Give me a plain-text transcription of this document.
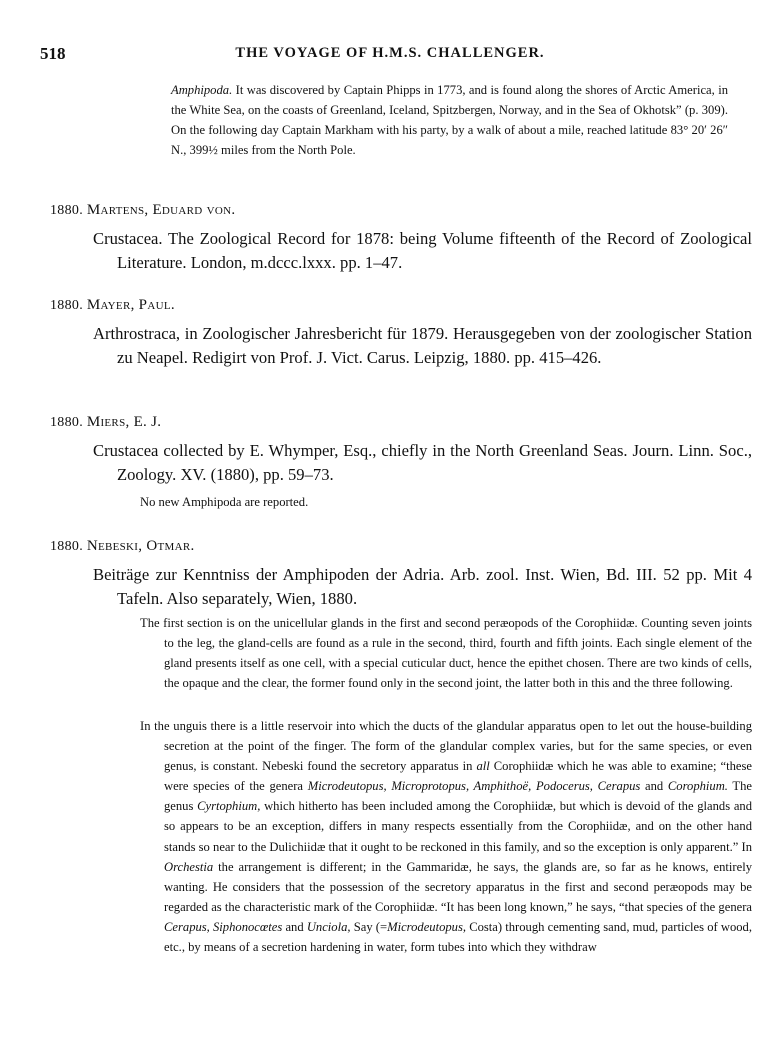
518	THE VOYAGE OF H.M.S. CHALLENGER.
Amphipoda. It was discovered by Captain Phipps in 1773, and is found along the shores of Arctic America, in the White Sea, on the coasts of Greenland, Iceland, Spitzbergen, Norway, and in the Sea of Okhotsk” (p. 309). On the following day Captain Markham with his party, by a walk of about a mile, reached latitude 83° 20′ 26″ N., 399½ miles from the North Pole.
1880. Martens, Eduard von.
Crustacea. The Zoological Record for 1878: being Volume fifteenth of the Record of Zoological Literature. London, m.dccc.lxxx. pp. 1–47.
1880. Mayer, Paul.
Arthrostraca, in Zoologischer Jahresbericht für 1879. Herausgegeben von der zoologischer Station zu Neapel. Redigirt von Prof. J. Vict. Carus. Leipzig, 1880. pp. 415–426.
1880. Miers, E. J.
Crustacea collected by E. Whymper, Esq., chiefly in the North Greenland Seas. Journ. Linn. Soc., Zoology. XV. (1880), pp. 59–73.
No new Amphipoda are reported.
1880. Nebeski, Otmar.
Beiträge zur Kenntniss der Amphipoden der Adria. Arb. zool. Inst. Wien, Bd. III. 52 pp. Mit 4 Tafeln. Also separately, Wien, 1880.
The first section is on the unicellular glands in the first and second peræopods of the Corophiidæ. Counting seven joints to the leg, the gland-cells are found as a rule in the second, third, fourth and fifth joints. Each single element of the gland presents itself as one cell, with a special cuticular duct, hence the epithet chosen. There are two kinds of cells, the opaque and the clear, the former found only in the second joint, the latter both in this and the three following.
In the unguis there is a little reservoir into which the ducts of the glandular apparatus open to let out the house-building secretion at the point of the finger. The form of the glandular complex varies, but for the same species, or even genus, is constant. Nebeski found the secretory apparatus in all Corophiidæ which he was able to examine; “these were species of the genera Microdeutopus, Microprotopus, Amphithoë, Podocerus, Cerapus and Corophium. The genus Cyrtophium, which hitherto has been included among the Corophiidæ, but which is devoid of the glands and so appears to be an exception, differs in many respects essentially from the Corophiidæ, and on the other hand stands so near to the Dulichiidæ that it ought to be reckoned in this family, and so the exception is only apparent.” In Orchestia the arrangement is different; in the Gammaridæ, he says, the glands are, so far as he knows, entirely wanting. He considers that the possession of the secretory apparatus in the first and second peræopods may be regarded as the characteristic mark of the Corophiidæ. “It has been long known,” he says, “that species of the genera Cerapus, Siphonocœtes and Unciola, Say (=Microdeutopus, Costa) through cementing sand, mud, particles of wood, etc., by means of a secretion hardening in water, form tubes into which they withdraw
